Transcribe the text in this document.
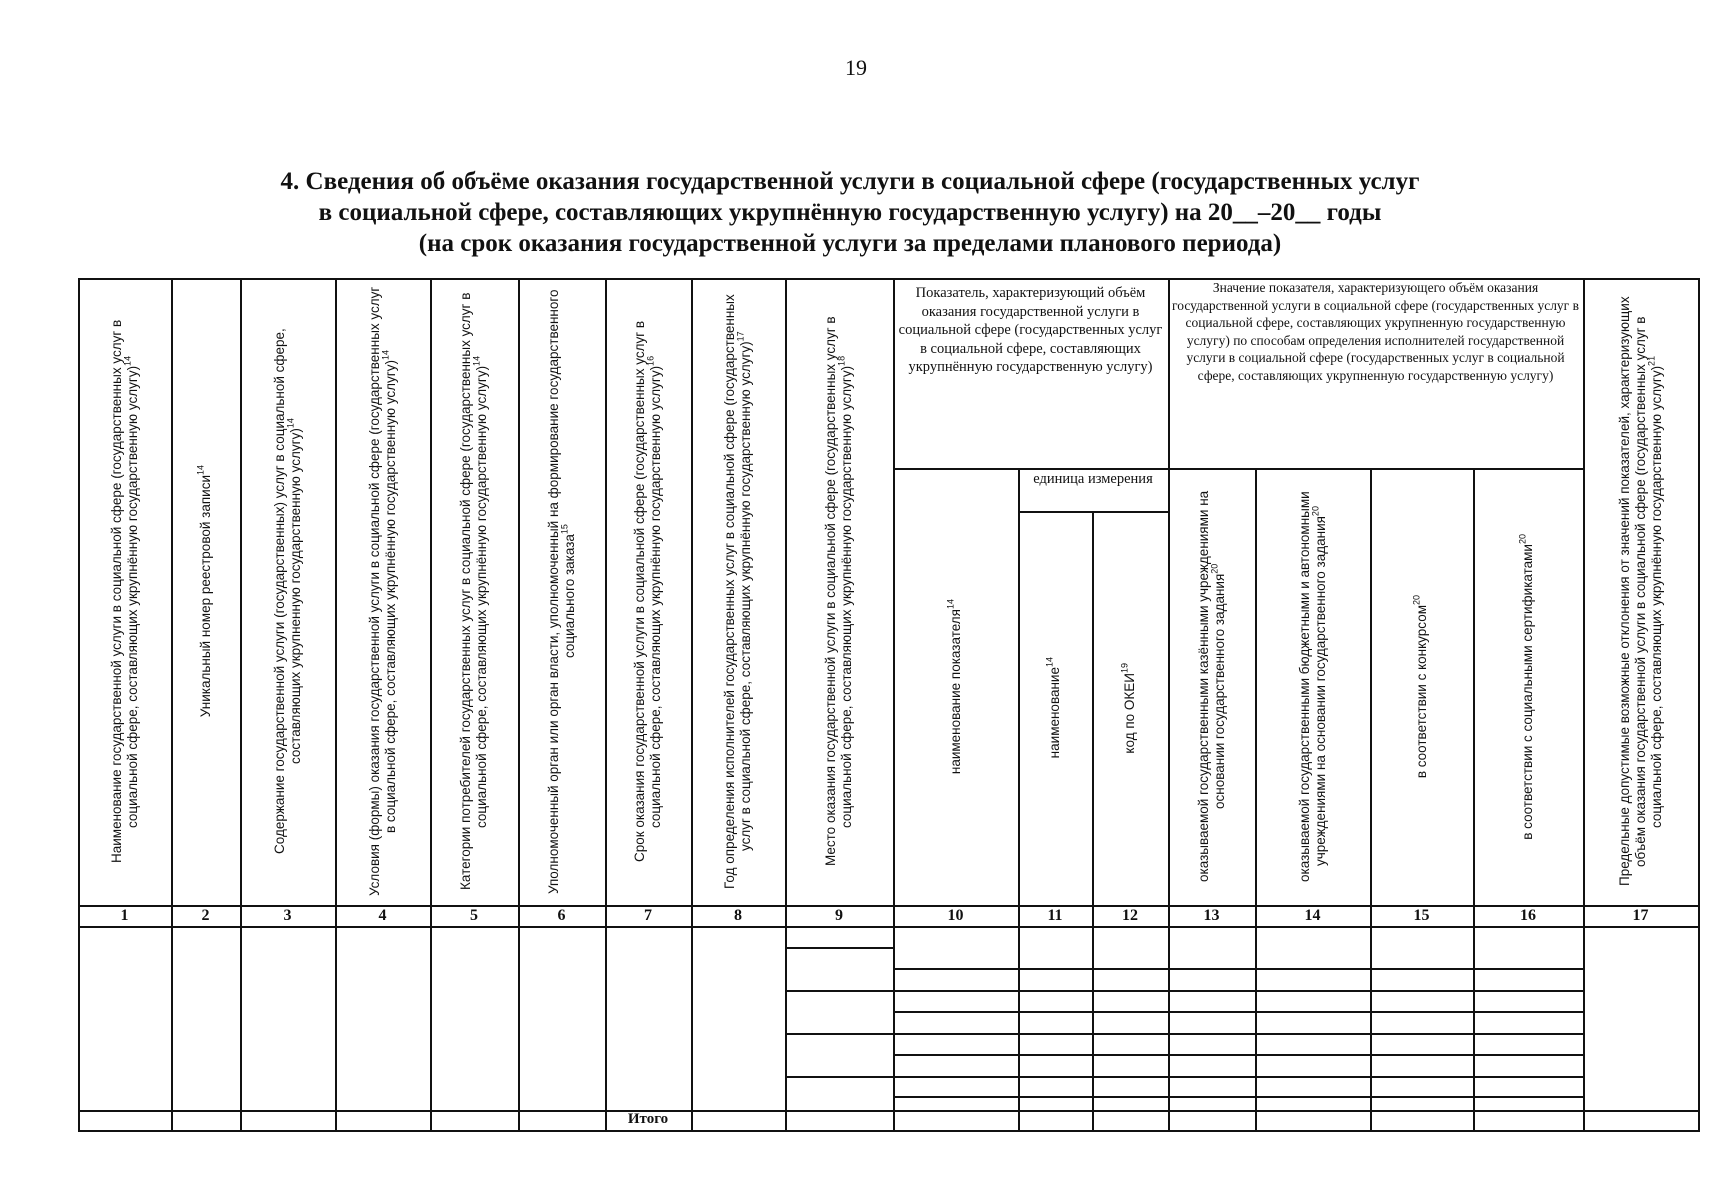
19
4. Сведения об объёме оказания государственной услуги в социальной сфере (государственных услуг
в социальной сфере, составляющих укрупнённую государственную услугу) на 20__–20__ годы
(на срок оказания государственной услуги за пределами планового периода)
Показатель, характеризующий объём оказания государственной услуги в социальной сфере (государственных услуг в социальной сфере, составляющих укрупнённую государственную услугу)
единица измерения
Значение показателя, характеризующего объём оказания государственной услуги в социальной сфере (государственных услуг в социальной сфере, составляющих укрупненную государственную услугу) по способам определения исполнителей государственной услуги в социальной сфере (государственных услуг в социальной сфере, составляющих укрупненную государственную услугу)
Итого
Наименование государственной услуги в социальной сфере (государственных услуг в социальной сфере, составляющих укрупнённую государственную услугу)$^{14}$
1
Уникальный номер реестровой записи$^{14}$
2
Содержание государственной услуги (государственных) услуг в социальной сфере, составляющих укрупненную государственную услугу)$^{14}$
3
Условия (формы) оказания государственной услуги в социальной сфере (государственных услуг в социальной сфере, составляющих укрупнённую государственную услугу)$^{14}$
4
Категории потребителей государственных услуг в социальной сфере (государственных услуг в социальной сфере, составляющих укрупнённую государственную услугу)$^{14}$
5
Уполномоченный орган или орган власти, уполномоченный на формирование государственного социального заказа$^{15}$
6
Срок оказания государственной услуги в социальной сфере (государственных услуг в социальной сфере, составляющих укрупнённую государственную услугу)$^{16}$
7
Год определения исполнителей государственных услуг в социальной сфере (государственных услуг в социальной сфере, составляющих укрупнённую государственную услугу)$^{17}$
8
Место оказания государственной услуги в социальной сфере (государственных услуг в социальной сфере, составляющих укрупнённую государственную услугу)$^{18}$
9
наименование показателя$^{14}$
10
наименование$^{14}$
11
код по ОКЕИ$^{19}$
12
оказываемой государственными казёнными учреждениями на основании государственного задания$^{20}$
13
оказываемой государственными бюджетными и автономными учреждениями на основании государственного задания$^{20}$
14
в соответствии с конкурсом$^{20}$
15
в соответствии с социальными сертификатами$^{20}$
16
Предельные допустимые возможные отклонения от значений показателей, характеризующих объём оказания государственной услуги в социальной сфере (государственных услуг в социальной сфере, составляющих укрупнённую государственную услугу)$^{21}$
17
